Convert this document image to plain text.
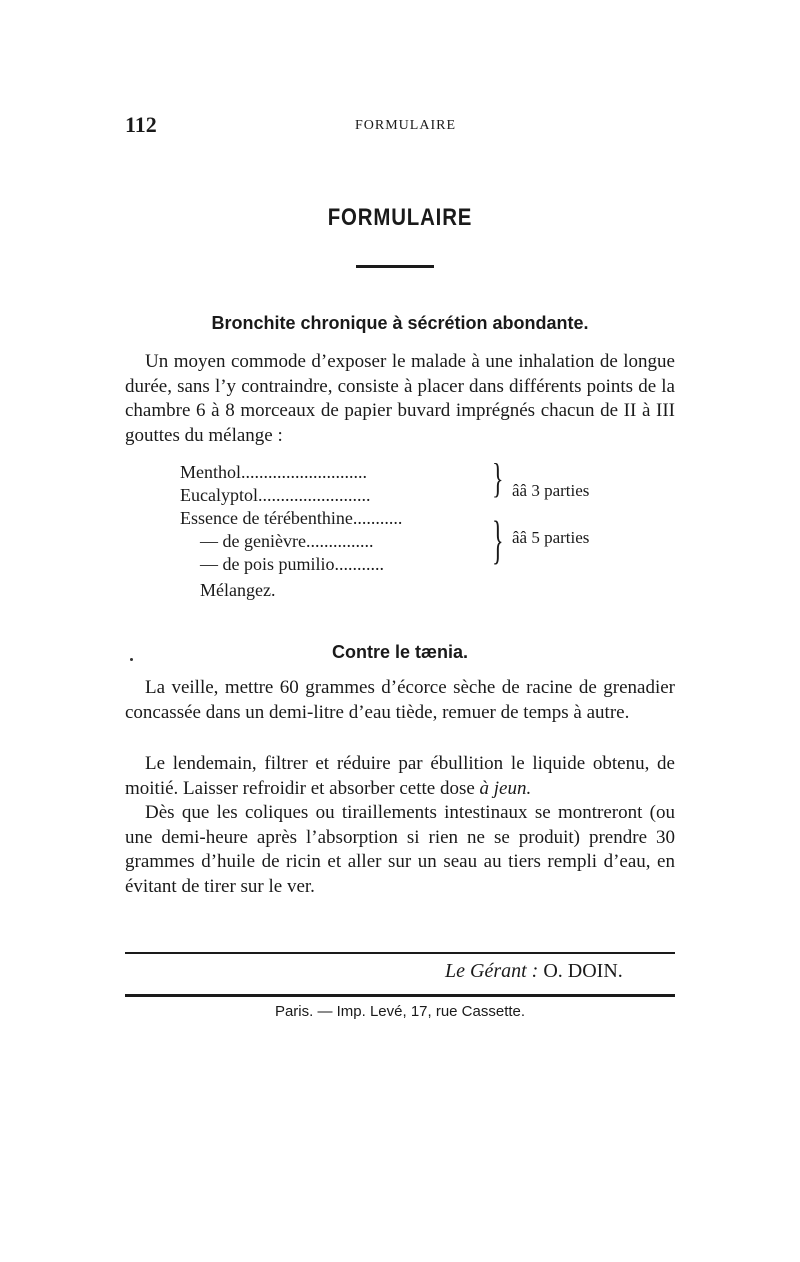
112	FORMULAIRE
FORMULAIRE
Bronchite chronique à sécrétion abondante.
Un moyen commode d’exposer le malade à une inhalation de longue durée, sans l’y contraindre, consiste à placer dans différents points de la chambre 6 à 8 morceaux de papier buvard imprégnés chacun de II à III gouttes du mélange :
Menthol............................
Eucalyptol.........................
Essence de térébenthine...........
— de genièvre...............
— de pois pumilio...........
} ââ 3 parties
} ââ 5 parties
Mélangez.
Contre le tænia.
La veille, mettre 60 grammes d’écorce sèche de racine de grenadier concassée dans un demi-litre d’eau tiède, remuer de temps à autre.
Le lendemain, filtrer et réduire par ébullition le liquide obtenu, de moitié. Laisser refroidir et absorber cette dose à jeun.
Dès que les coliques ou tiraillements intestinaux se montreront (ou une demi-heure après l’absorption si rien ne se produit) prendre 30 grammes d’huile de ricin et aller sur un seau au tiers rempli d’eau, en évitant de tirer sur le ver.
Le Gérant : O. DOIN.
Paris. — Imp. Levé, 17, rue Cassette.
